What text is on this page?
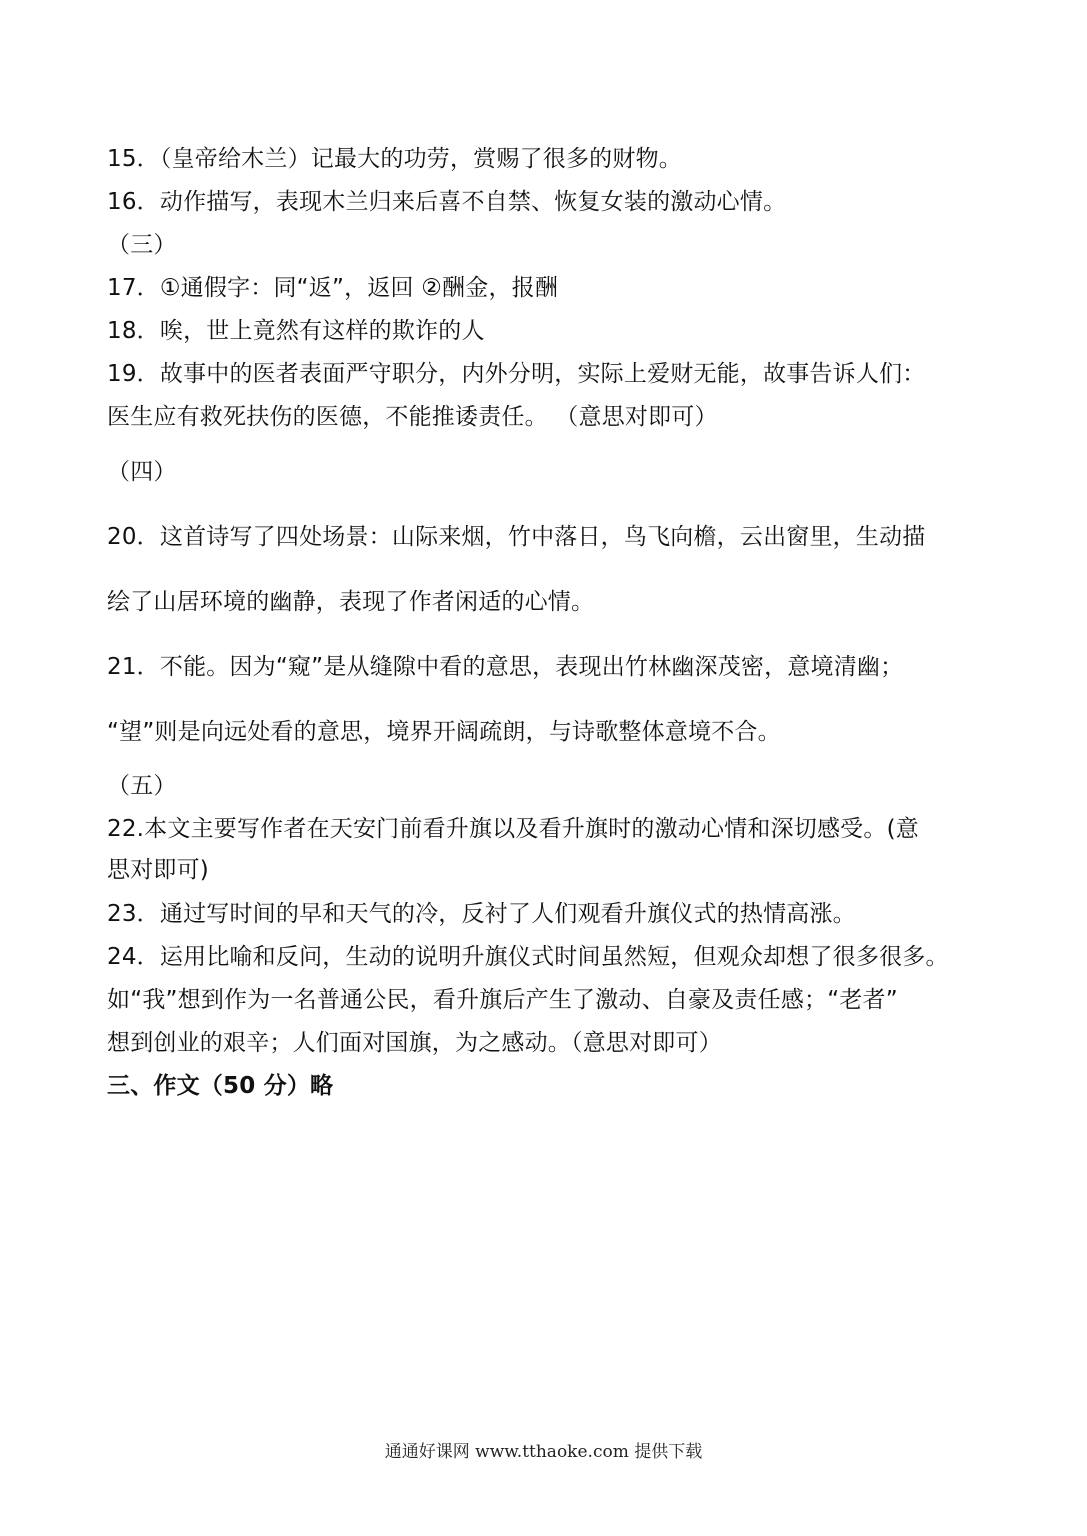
15．（皇帝给木兰）记最大的功劳，赏赐了很多的财物。
16．动作描写，表现木兰归来后喜不自禁、恢复女装的激动心情。
（三）
17．①通假字：同“返”，返回 ②酬金，报酬
18．唉，世上竟然有这样的欺诈的人
19．故事中的医者表面严守职分，内外分明，实际上爱财无能，故事告诉人们：
医生应有救死扶伤的医德，不能推诿责任。 （意思对即可）
（四）
20．这首诗写了四处场景：山际来烟，竹中落日，鸟飞向檐，云出窗里，生动描
绘了山居环境的幽静，表现了作者闲适的心情。
21．不能。因为“窥”是从缝隙中看的意思，表现出竹林幽深茂密，意境清幽；
“望”则是向远处看的意思，境界开阔疏朗，与诗歌整体意境不合。
（五）
22.本文主要写作者在天安门前看升旗以及看升旗时的激动心情和深切感受。(意
思对即可)
23．通过写时间的早和天气的冷，反衬了人们观看升旗仪式的热情高涨。
24．运用比喻和反问，生动的说明升旗仪式时间虽然短，但观众却想了很多很多。
如“我”想到作为一名普通公民，看升旗后产生了激动、自豪及责任感；“老者”
想到创业的艰辛；人们面对国旗，为之感动。（意思对即可）
三、作文（50 分）略
通通好课网 www.tthaoke.com 提供下载
